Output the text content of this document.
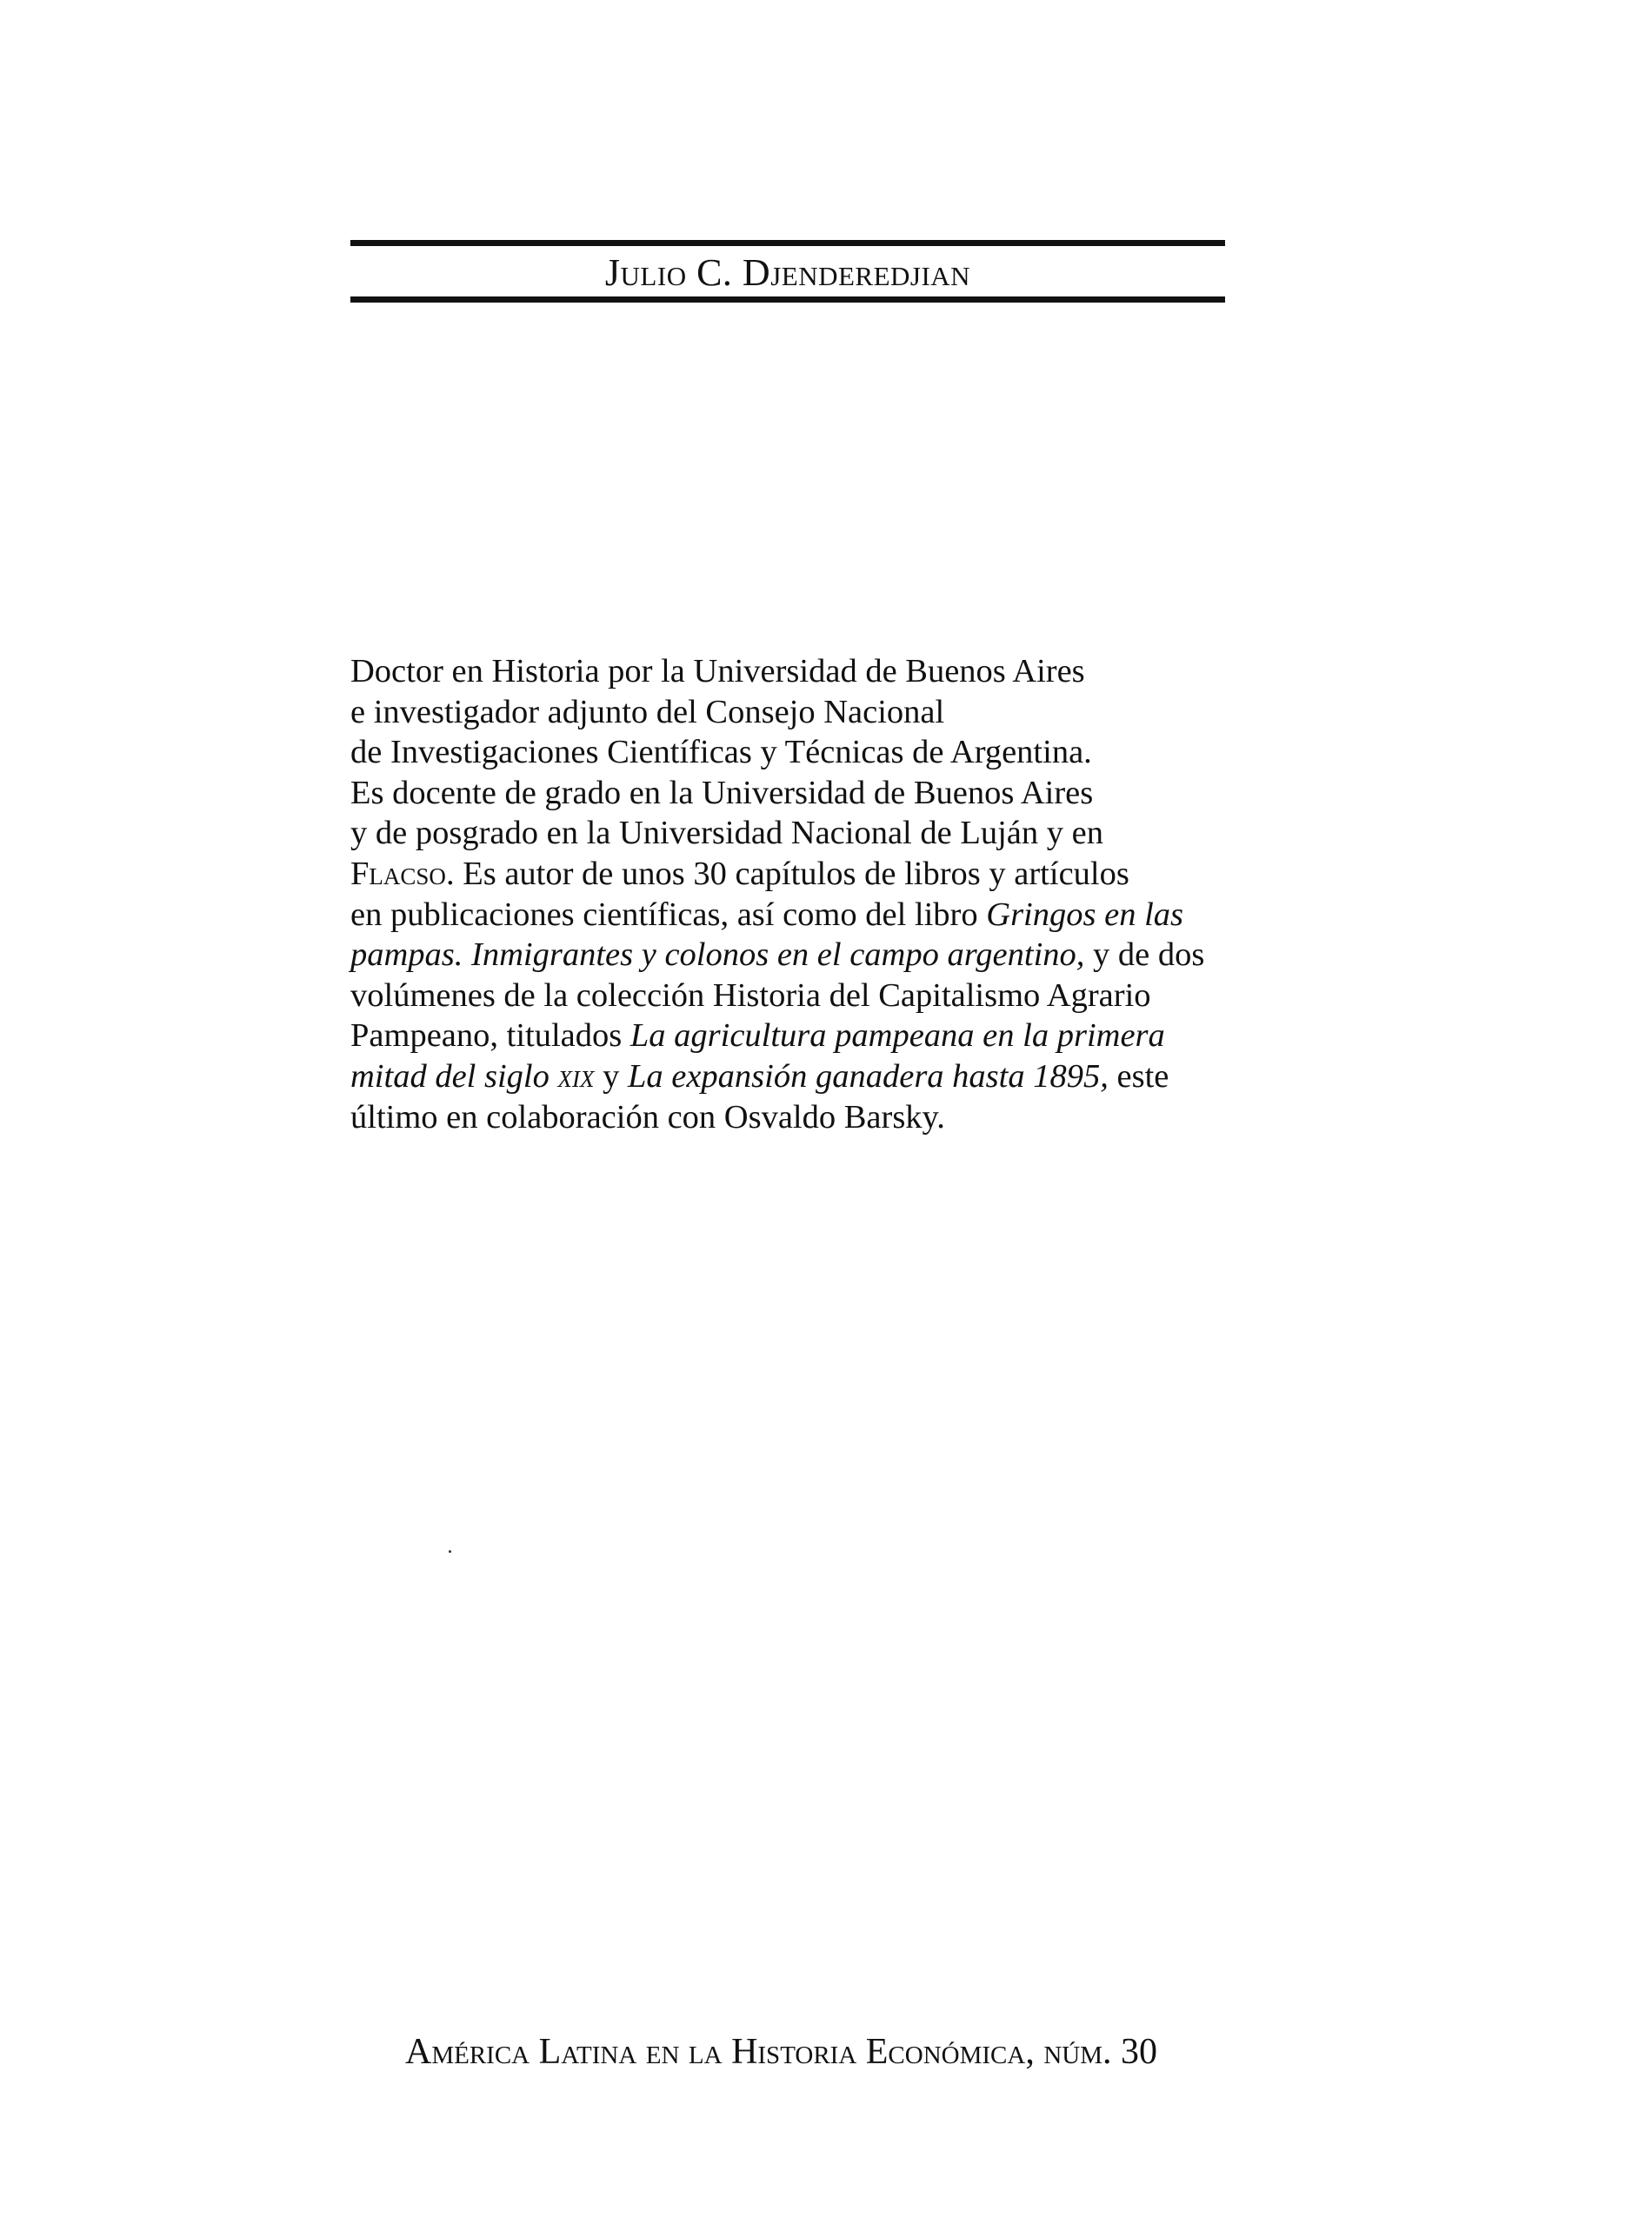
Julio C. Djenderedjian

Doctor en Historia por la Universidad de Buenos Aires
e investigador adjunto del Consejo Nacional
de Investigaciones Científicas y Técnicas de Argentina.
Es docente de grado en la Universidad de Buenos Aires
y de posgrado en la Universidad Nacional de Luján y en
Flacso. Es autor de unos 30 capítulos de libros y artículos
en publicaciones científicas, así como del libro Gringos en las
pampas. Inmigrantes y colonos en el campo argentino, y de dos
volúmenes de la colección Historia del Capitalismo Agrario
Pampeano, titulados La agricultura pampeana en la primera
mitad del siglo xix y La expansión ganadera hasta 1895, este
último en colaboración con Osvaldo Barsky.

América Latina en la Historia Económica, núm. 30
